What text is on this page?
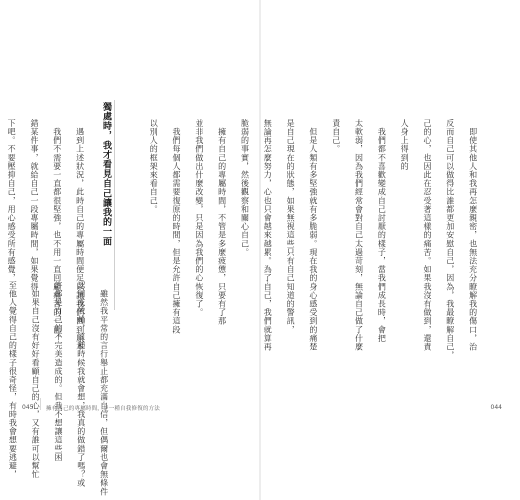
　雖然我平常的言行舉止都充滿自信，但偶爾也會無條件

認同或依賴，這種時候我就會想，我真的做錯了嗎？或

許都是自己的不完美造成的。但我不想讓這些困

　如果自己沒有好好看顧自己的心，又有誰可以幫忙

至他人覺得自己的樣子很奇怪，有時我會想要逃避，

獨處時，我才看見自己讓我的一面

　遇到上述狀況，此時自己的專屬時間便足以讓我們回到原本

　我們不需要一直都很堅強，也不用一直回顧痛苦的一面。

錯某件事，就給自己一段專屬時間，如果覺得

下吧。不要壓抑自己，用心感受所有感覺，

045 擁有自己的專屬時間，是一種自我修復的方法

　即使其他人和我再怎麼親密，也無法充分瞭解我的傷口，治

反而自己可以做得比誰都更加安慰自己，因為，我最瞭解自己，

己的心，也因此在忍受著這樣的痛苦。如果我沒有做到，還責

人身上得到的

　我們都不喜歡變成自己討厭的樣子，當我們成長時，會把

太軟弱，因為我們經常會對自己太過苛刻，無論自己做了什麼

責自己。

　但是人類有多堅強就有多脆弱。現在我的身心感受到的痛楚

是自己現在的狀態，如果無視這些只有自己知道的警訊，

無論再怎麼努力，心也只會越來越累。為了自己，我們就算再

脆弱的事實，然後觀察和關心自己。

　擁有自己的專屬時間，不管是多麼疲憊，只要有了那

並非我們做出什麼改變，只是因為我們的心恢復了。

　我們每個人都需要復原的時間，但是允許自己擁有這段

以別人的框架來看自己。

044
